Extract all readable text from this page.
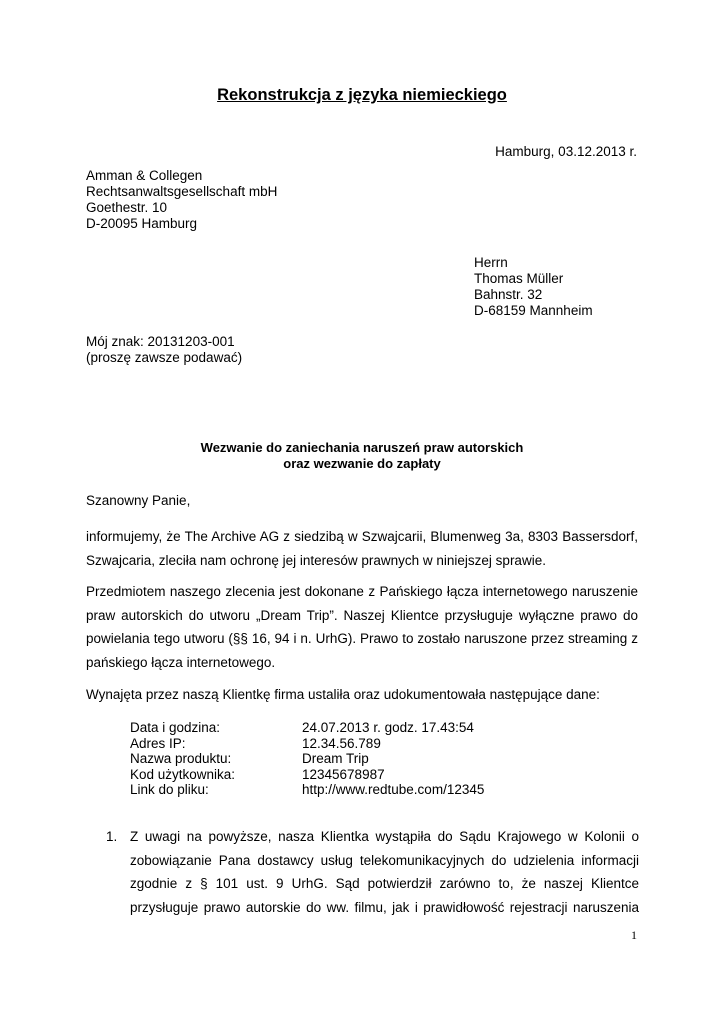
Rekonstrukcja z języka niemieckiego
Hamburg, 03.12.2013 r.
Amman & Collegen
Rechtsanwaltsgesellschaft mbH
Goethestr. 10
D-20095 Hamburg
Herrn
Thomas Müller
Bahnstr. 32
D-68159 Mannheim
Mój znak: 20131203-001
(proszę zawsze podawać)
Wezwanie do zaniechania naruszeń praw autorskich
oraz wezwanie do zapłaty
Szanowny Panie,
informujemy, że The Archive AG z siedzibą w Szwajcarii, Blumenweg 3a, 8303 Bassersdorf, Szwajcaria, zleciła nam ochronę jej interesów prawnych w niniejszej sprawie.
Przedmiotem naszego zlecenia jest dokonane z Pańskiego łącza internetowego naruszenie praw autorskich do utworu „Dream Trip”. Naszej Klientce przysługuje wyłączne prawo do powielania tego utworu (§§ 16, 94 i n. UrhG). Prawo to zostało naruszone przez streaming z pańskiego łącza internetowego.
Wynajęta przez naszą Klientkę firma ustaliła oraz udokumentowała następujące dane:
Data i godzina:	24.07.2013 r. godz. 17.43:54
Adres IP:	12.34.56.789
Nazwa produktu:	Dream Trip
Kod użytkownika:	12345678987
Link do pliku:	http://www.redtube.com/12345
1. Z uwagi na powyższe, nasza Klientka wystąpiła do Sądu Krajowego w Kolonii o zobowiązanie Pana dostawcy usług telekomunikacyjnych do udzielenia informacji zgodnie z § 101 ust. 9 UrhG. Sąd potwierdził zarówno to, że naszej Klientce przysługuje prawo autorskie do ww. filmu, jak i prawidłowość rejestracji naruszenia
1
